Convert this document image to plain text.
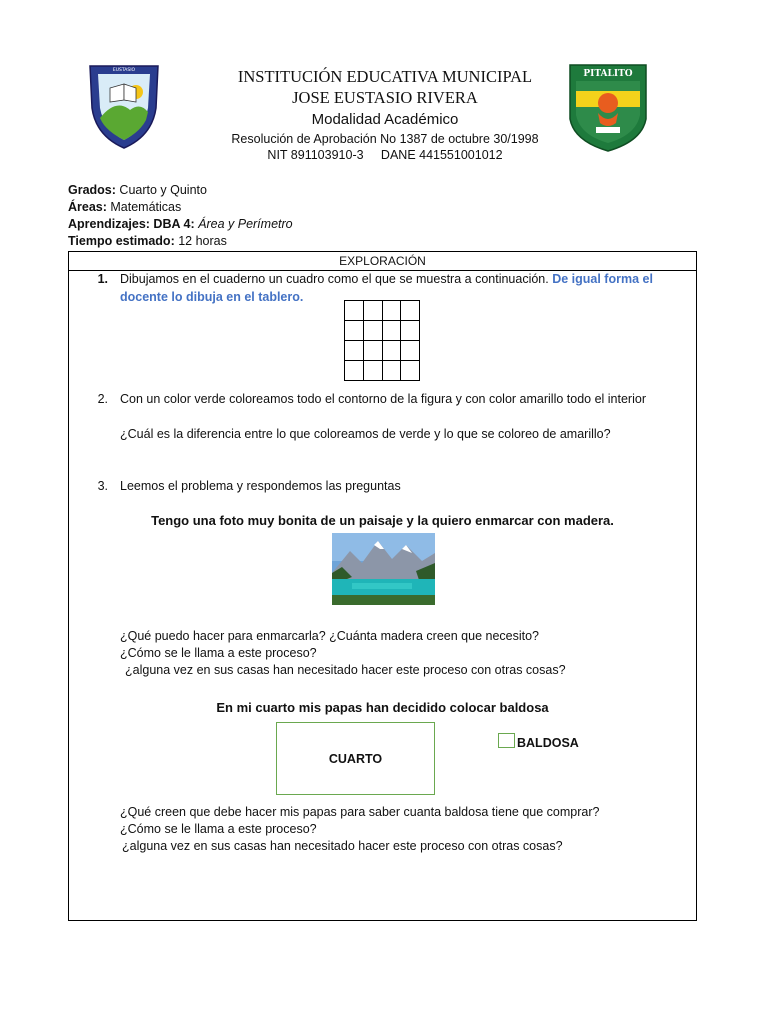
EUSTASIO	PITALITO
INSTITUCIÓN EDUCATIVA MUNICIPAL
JOSE EUSTASIO RIVERA
Modalidad Académico
Resolución de Aprobación No 1387 de octubre 30/1998
NIT 891103910-3     DANE 441551001012
Grados: Cuarto y Quinto
Áreas: Matemáticas
Aprendizajes: DBA 4: Área y Perímetro
Tiempo estimado: 12 horas
EXPLORACIÓN
1. Dibujamos en el cuaderno un cuadro como el que se muestra a continuación. De igual forma el
docente lo dibuja en el tablero.

2. Con un color verde coloreamos todo el contorno de la figura y con color amarillo todo el interior
¿Cuál es la diferencia entre lo que coloreamos de verde y lo que se coloreo de amarillo?
3. Leemos el problema y respondemos las preguntas
Tengo una foto muy bonita de un paisaje y la quiero enmarcar con madera.
¿Qué puedo hacer para enmarcarla? ¿Cuánta madera creen que necesito?
¿Cómo se le llama a este proceso?
¿alguna vez en sus casas han necesitado hacer este proceso con otras cosas?
En mi cuarto mis papas han decidido colocar baldosa
CUARTO
BALDOSA
¿Qué creen que debe hacer mis papas para saber cuanta baldosa tiene que comprar?
¿Cómo se le llama a este proceso?
¿alguna vez en sus casas han necesitado hacer este proceso con otras cosas?
